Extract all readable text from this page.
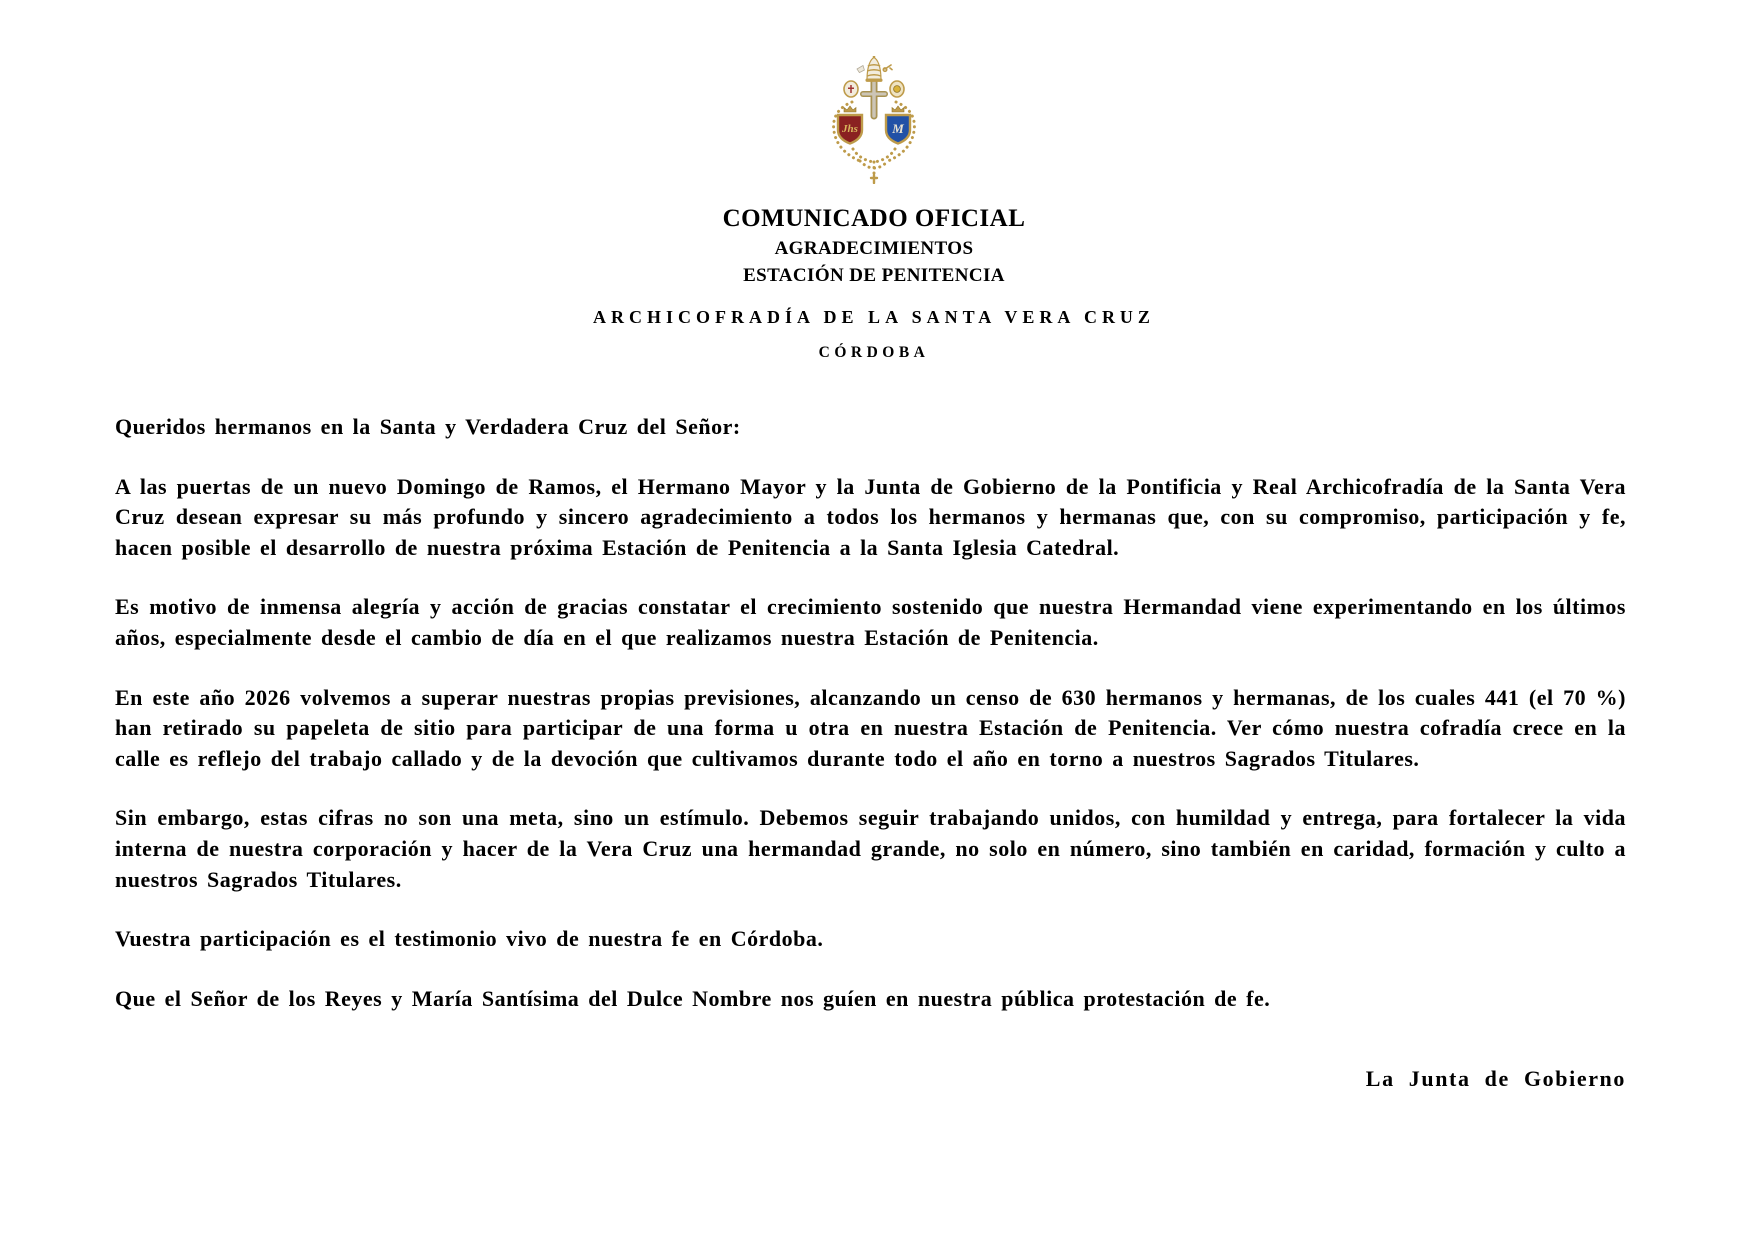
Jhs	M
COMUNICADO OFICIAL
AGRADECIMIENTOS
ESTACIÓN DE PENITENCIA
ARCHICOFRADÍA DE LA SANTA VERA CRUZ
CÓRDOBA

Queridos hermanos en la Santa y Verdadera Cruz del Señor:

A las puertas de un nuevo Domingo de Ramos, el Hermano Mayor y la Junta de Gobierno de la Pontificia y Real Archicofradía de la Santa Vera Cruz desean expresar su más profundo y sincero agradecimiento a todos los hermanos y hermanas que, con su compromiso, participación y fe, hacen posible el desarrollo de nuestra próxima Estación de Penitencia a la Santa Iglesia Catedral.

Es motivo de inmensa alegría y acción de gracias constatar el crecimiento sostenido que nuestra Hermandad viene experimentando en los últimos años, especialmente desde el cambio de día en el que realizamos nuestra Estación de Penitencia.

En este año 2026 volvemos a superar nuestras propias previsiones, alcanzando un censo de 630 hermanos y hermanas, de los cuales 441 (el 70 %) han retirado su papeleta de sitio para participar de una forma u otra en nuestra Estación de Penitencia. Ver cómo nuestra cofradía crece en la calle es reflejo del trabajo callado y de la devoción que cultivamos durante todo el año en torno a nuestros Sagrados Titulares.

Sin embargo, estas cifras no son una meta, sino un estímulo. Debemos seguir trabajando unidos, con humildad y entrega, para fortalecer la vida interna de nuestra corporación y hacer de la Vera Cruz una hermandad grande, no solo en número, sino también en caridad, formación y culto a nuestros Sagrados Titulares.

Vuestra participación es el testimonio vivo de nuestra fe en Córdoba.

Que el Señor de los Reyes y María Santísima del Dulce Nombre nos guíen en nuestra pública protestación de fe.

La Junta de Gobierno
